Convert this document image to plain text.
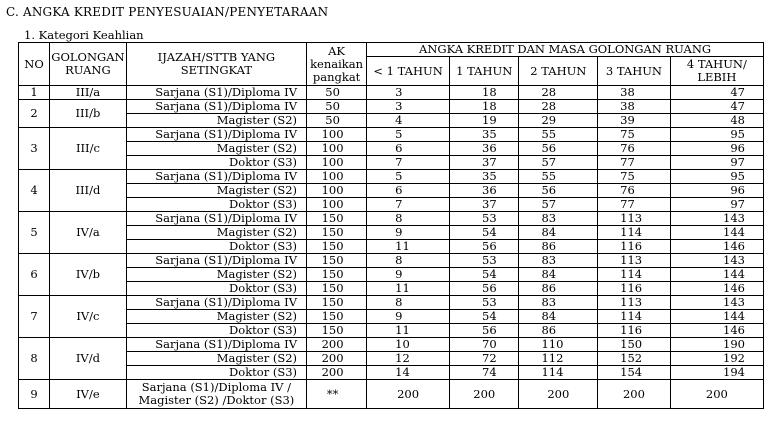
C. ANGKA KREDIT PENYESUAIAN/PENYETARAAN
1. Kategori Keahlian
NO	GOLONGAN RUANG	IJAZAH/STTB YANG SETINGKAT	AK kenaikan pangkat	ANGKA KREDIT DAN MASA GOLONGAN RUANG				
				< 1 TAHUN	1 TAHUN	2 TAHUN	3 TAHUN	4 TAHUN/ LEBIH
1	III/a	Sarjana (S1)/Diploma IV	50	3	18	28	38	47
2	III/b	Sarjana (S1)/Diploma IV	50	3	18	28	38	47
		Magister (S2)	50	4	19	29	39	48
3	III/c	Sarjana (S1)/Diploma IV	100	5	35	55	75	95
		Magister (S2)	100	6	36	56	76	96
		Doktor (S3)	100	7	37	57	77	97
4	III/d	Sarjana (S1)/Diploma IV	100	5	35	55	75	95
		Magister (S2)	100	6	36	56	76	96
		Doktor (S3)	100	7	37	57	77	97
5	IV/a	Sarjana (S1)/Diploma IV	150	8	53	83	113	143
		Magister (S2)	150	9	54	84	114	144
		Doktor (S3)	150	11	56	86	116	146
6	IV/b	Sarjana (S1)/Diploma IV	150	8	53	83	113	143
		Magister (S2)	150	9	54	84	114	144
		Doktor (S3)	150	11	56	86	116	146
7	IV/c	Sarjana (S1)/Diploma IV	150	8	53	83	113	143
		Magister (S2)	150	9	54	84	114	144
		Doktor (S3)	150	11	56	86	116	146
8	IV/d	Sarjana (S1)/Diploma IV	200	10	70	110	150	190
		Magister (S2)	200	12	72	112	152	192
		Doktor (S3)	200	14	74	114	154	194
9	IV/e	Sarjana (S1)/Diploma IV /
Magister (S2) /Doktor (S3)	**	200	200	200	200	200
